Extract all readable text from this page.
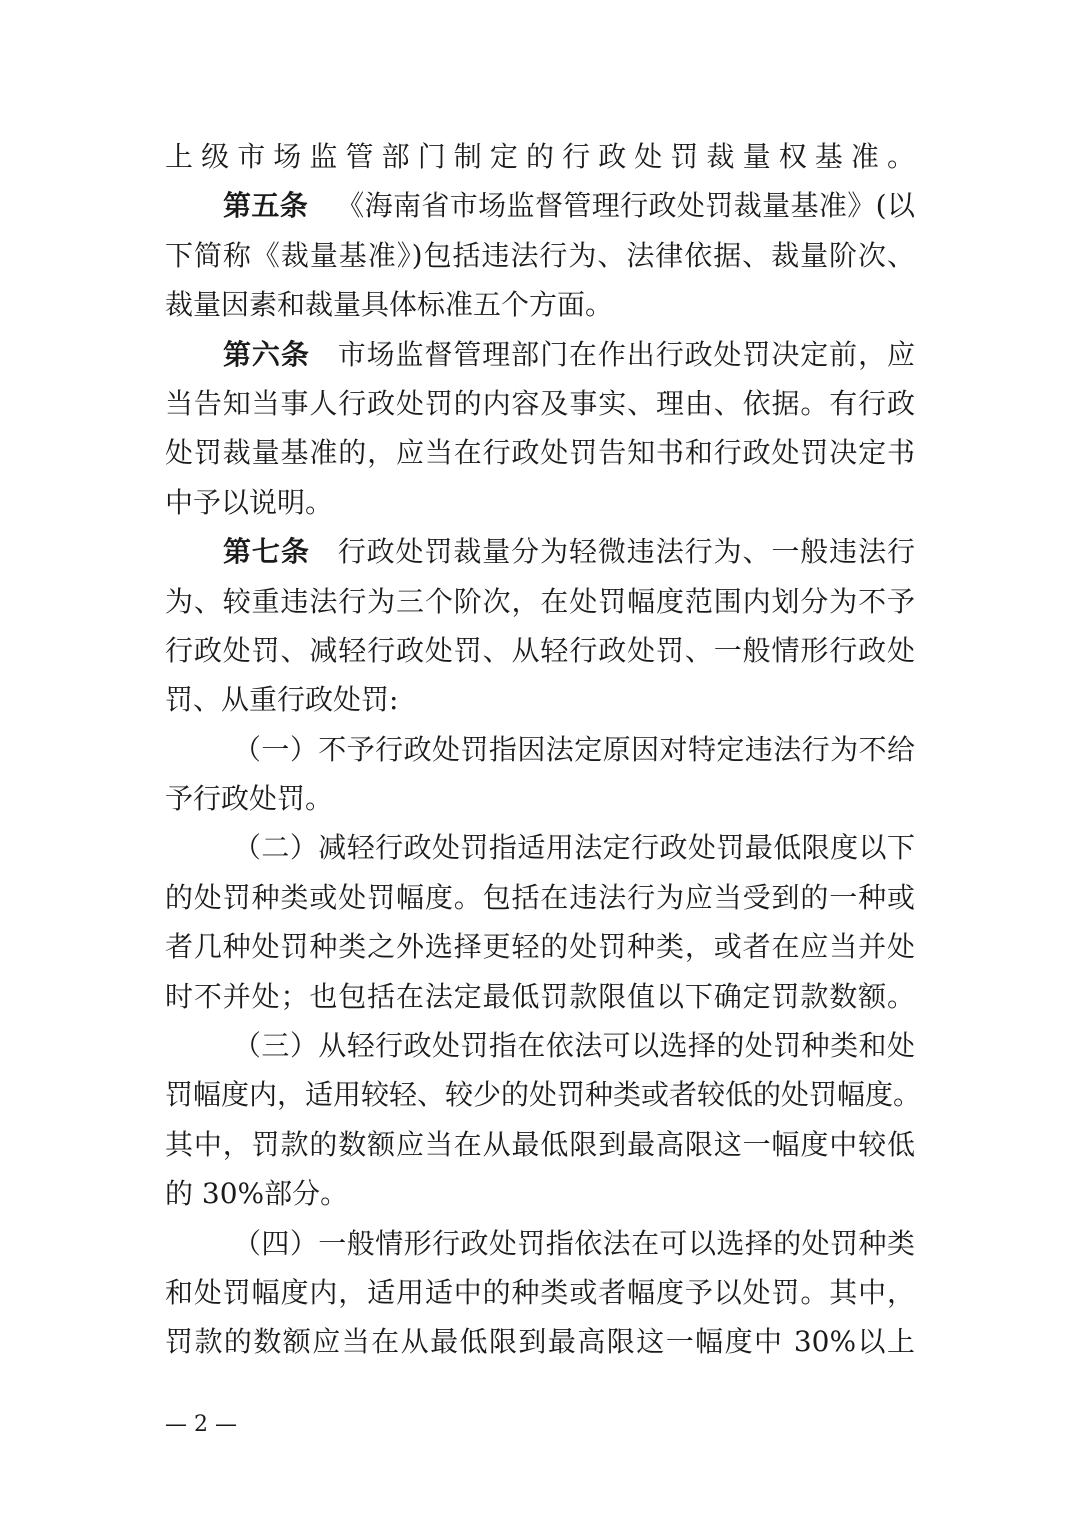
上级市场监管部门制定的行政处罚裁量权基准。
第五条 《海南省市场监督管理行政处罚裁量基准》(以
下简称《裁量基准》)包括违法行为、法律依据、裁量阶次、
裁量因素和裁量具体标准五个方面。
第六条 市场监督管理部门在作出行政处罚决定前，应
当告知当事人行政处罚的内容及事实、理由、依据。有行政
处罚裁量基准的，应当在行政处罚告知书和行政处罚决定书
中予以说明。
第七条 行政处罚裁量分为轻微违法行为、一般违法行
为、较重违法行为三个阶次，在处罚幅度范围内划分为不予
行政处罚、减轻行政处罚、从轻行政处罚、一般情形行政处
罚、从重行政处罚:
（一）不予行政处罚指因法定原因对特定违法行为不给
予行政处罚。
（二）减轻行政处罚指适用法定行政处罚最低限度以下
的处罚种类或处罚幅度。包括在违法行为应当受到的一种或
者几种处罚种类之外选择更轻的处罚种类，或者在应当并处
时不并处；也包括在法定最低罚款限值以下确定罚款数额。
（三）从轻行政处罚指在依法可以选择的处罚种类和处
罚幅度内，适用较轻、较少的处罚种类或者较低的处罚幅度。
其中，罚款的数额应当在从最低限到最高限这一幅度中较低
的 30%部分。
（四）一般情形行政处罚指依法在可以选择的处罚种类
和处罚幅度内，适用适中的种类或者幅度予以处罚。其中，
罚款的数额应当在从最低限到最高限这一幅度中 30%以上
— 2 —
